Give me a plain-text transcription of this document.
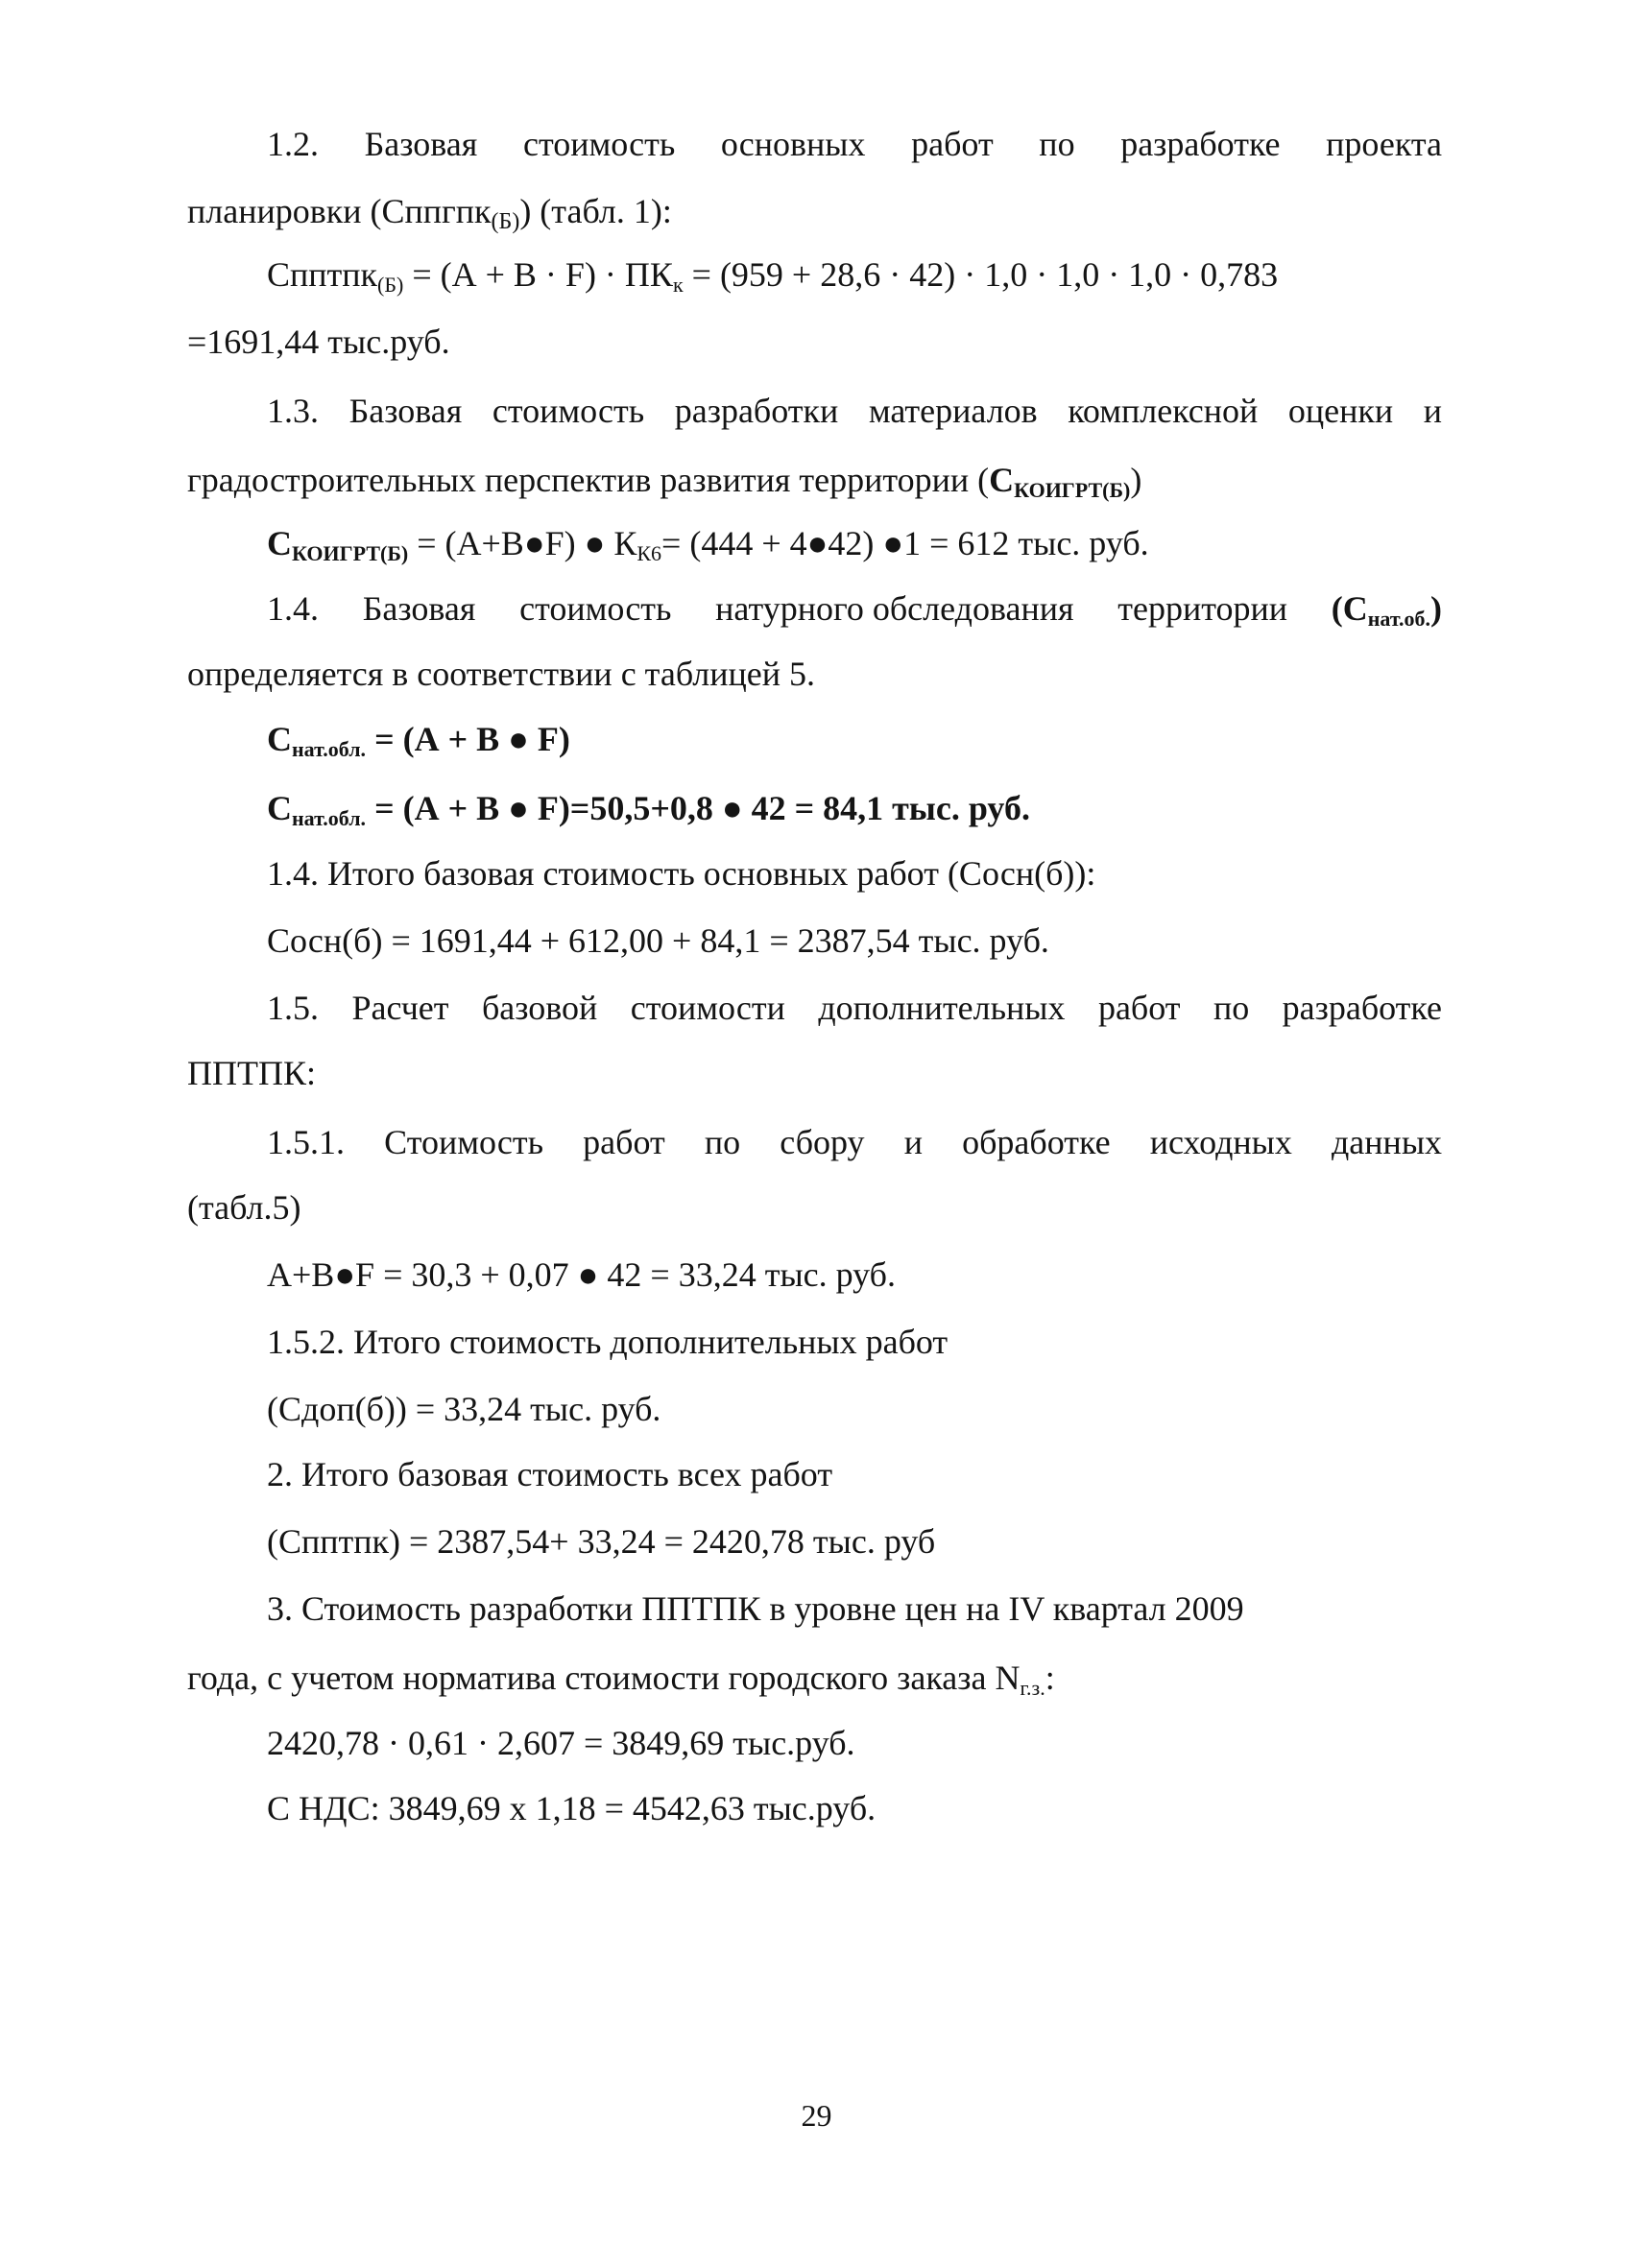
1.2. Базовая стоимость основных работ по разработке проекта
планировки (Сппгпк(Б)) (табл. 1):
Спптпк$_{(Б)}$ = $(А + В \cdot F) \cdot ПК_к = (959 + 28,6 \cdot 42) \cdot 1,0 \cdot 1,0 \cdot 1,0 \cdot 0,783$
=1691,44 тыс.руб.
1.3. Базовая стоимость разработки материалов комплексной оценки и
градостроительных перспектив развития территории $(С_{КОИГРТ(Б)})$
$С_{КОИГРТ(Б)}$ = (А+В●F) ● $К_{К6}= (444$ + 4●42) ●1 = 612 тыс. руб.
1.4. Базовая стоимость натурного обследования территории $(С_{нат.об.})$
определяется в соответствии с таблицей 5.
$С_{нат.обл.} = (А + В$ ● F)
$С_{нат.обл.} = (А + В$ ● F)=50,5+0,8 ● 42 = 84,1 тыс. руб.
1.4. Итого базовая стоимость основных работ (Сосн(б)):
Сосн(б) = 1691,44 + 612,00 + 84,1 = 2387,54 тыс. руб.
1.5. Расчет базовой стоимости дополнительных работ по разработке
ППТПК:
1.5.1. Стоимость работ по сбору и обработке исходных данных
(табл.5)
А+В●F = 30,3 + 0,07 ● 42 = 33,24 тыс. руб.
1.5.2. Итого стоимость дополнительных работ
(Сдоп(б)) = 33,24 тыс. руб.
2. Итого базовая стоимость всех работ
(Спптпк) = 2387,54+ 33,24 = 2420,78 тыс. руб
3. Стоимость разработки ППТПК в уровне цен на IV квартал 2009
года, с учетом норматива стоимости городского заказа $N_{г.з.}$:
2420,78 · 0,61 · 2,607 = 3849,69 тыс.руб.
С НДС: 3849,69 х 1,18 = 4542,63 тыс.руб.
29
